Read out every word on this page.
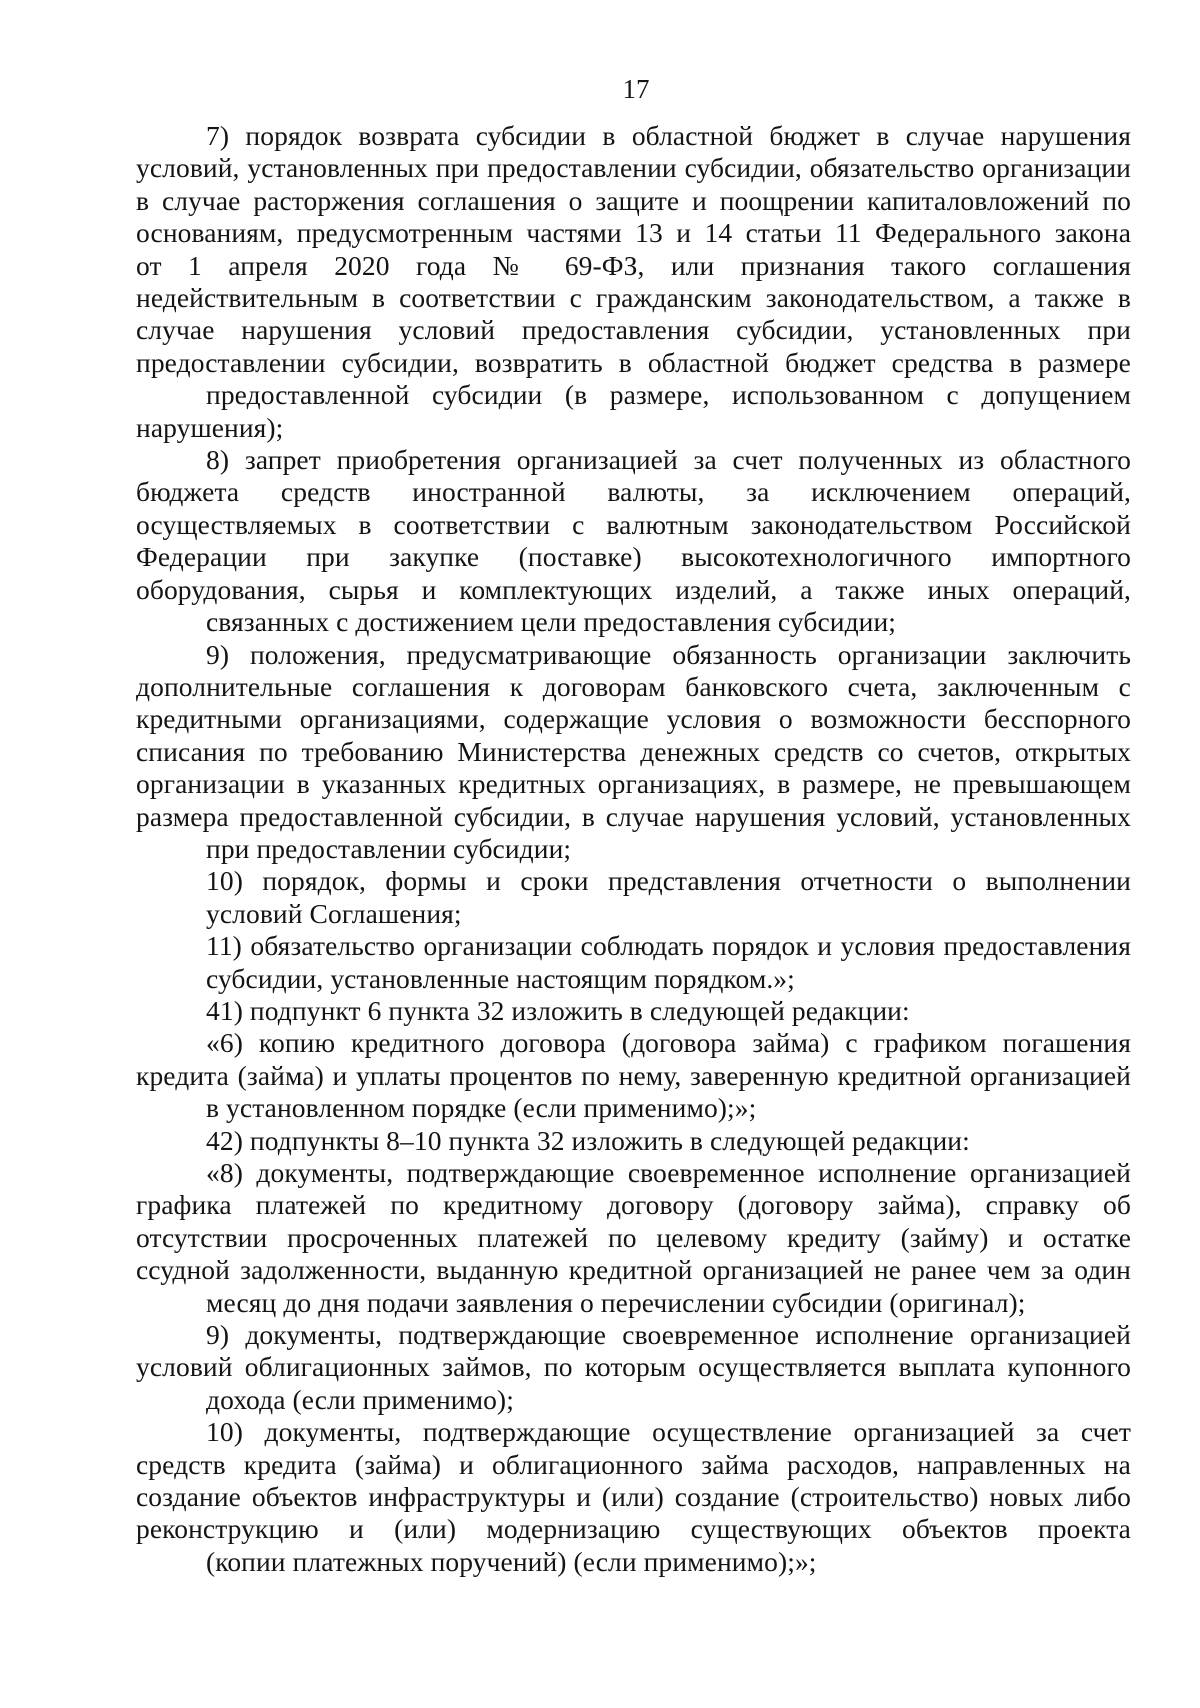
17
7) порядок возврата субсидии в областной бюджет в случае нарушения
условий, установленных при предоставлении субсидии, обязательство организации
в случае расторжения соглашения о защите и поощрении капиталовложений по
основаниям, предусмотренным частями 13 и 14 статьи 11 Федерального закона
от 1 апреля 2020 года № 69-ФЗ, или признания такого соглашения
недействительным в соответствии с гражданским законодательством, а также в
случае нарушения условий предоставления субсидии, установленных при
предоставлении субсидии, возвратить в областной бюджет средства в размере
предоставленной субсидии (в размере, использованном с допущением нарушения);
8) запрет приобретения организацией за счет полученных из областного
бюджета средств иностранной валюты, за исключением операций,
осуществляемых в соответствии с валютным законодательством Российской
Федерации при закупке (поставке) высокотехнологичного импортного
оборудования, сырья и комплектующих изделий, а также иных операций,
связанных с достижением цели предоставления субсидии;
9) положения, предусматривающие обязанность организации заключить
дополнительные соглашения к договорам банковского счета, заключенным с
кредитными организациями, содержащие условия о возможности бесспорного
списания по требованию Министерства денежных средств со счетов, открытых
организации в указанных кредитных организациях, в размере, не превышающем
размера предоставленной субсидии, в случае нарушения условий, установленных
при предоставлении субсидии;
10) порядок, формы и сроки представления отчетности о выполнении
условий Соглашения;
11) обязательство организации соблюдать порядок и условия предоставления
субсидии, установленные настоящим порядком.»;
41) подпункт 6 пункта 32 изложить в следующей редакции:
«6) копию кредитного договора (договора займа) с графиком погашения
кредита (займа) и уплаты процентов по нему, заверенную кредитной организацией
в установленном порядке (если применимо);»;
42) подпункты 8–10 пункта 32 изложить в следующей редакции:
«8) документы, подтверждающие своевременное исполнение организацией
графика платежей по кредитному договору (договору займа), справку об
отсутствии просроченных платежей по целевому кредиту (займу) и остатке
ссудной задолженности, выданную кредитной организацией не ранее чем за один
месяц до дня подачи заявления о перечислении субсидии (оригинал);
9) документы, подтверждающие своевременное исполнение организацией
условий облигационных займов, по которым осуществляется выплата купонного
дохода (если применимо);
10) документы, подтверждающие осуществление организацией за счет
средств кредита (займа) и облигационного займа расходов, направленных на
создание объектов инфраструктуры и (или) создание (строительство) новых либо
реконструкцию и (или) модернизацию существующих объектов проекта
(копии платежных поручений) (если применимо);»;
